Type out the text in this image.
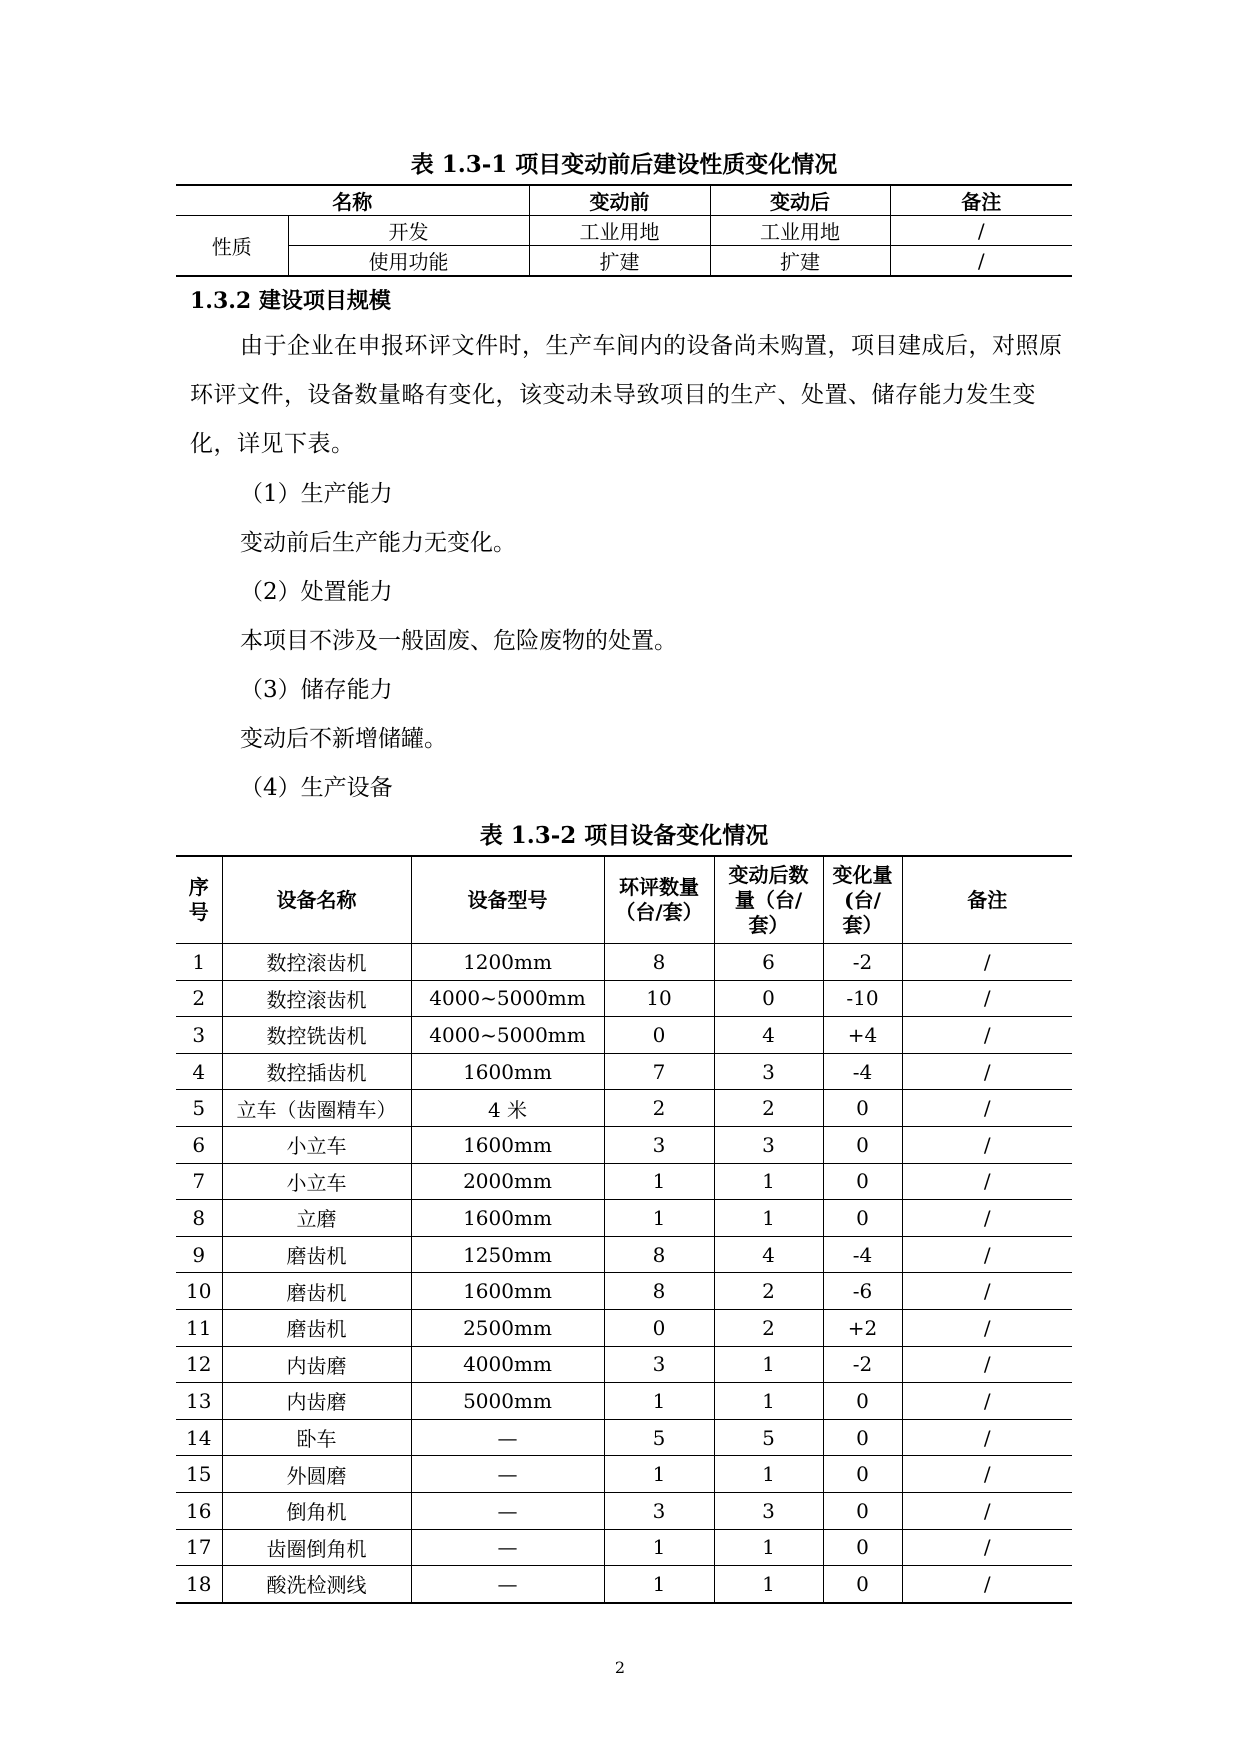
表 1.3-1 项目变动前后建设性质变化情况
名称		变动前	变动后	备注
性质	开发	工业用地	工业用地	/
	使用功能	扩建	扩建	/
1.3.2 建设项目规模
由于企业在申报环评文件时，生产车间内的设备尚未购置，项目建成后，对照原环评文件，设备数量略有变化，该变动未导致项目的生产、处置、储存能力发生变化，详见下表。
（1）生产能力
变动前后生产能力无变化。
（2）处置能力
本项目不涉及一般固废、危险废物的处置。
（3）储存能力
变动后不新增储罐。
（4）生产设备
表 1.3-2 项目设备变化情况
序号	设备名称	设备型号	环评数量（台/套）	变动后数量（台/套）	变化量(台/套）	备注
1	数控滚齿机	1200mm	8	6	-2	/
2	数控滚齿机	4000~5000mm	10	0	-10	/
3	数控铣齿机	4000~5000mm	0	4	+4	/
4	数控插齿机	1600mm	7	3	-4	/
5	立车（齿圈精车）	4 米	2	2	0	/
6	小立车	1600mm	3	3	0	/
7	小立车	2000mm	1	1	0	/
8	立磨	1600mm	1	1	0	/
9	磨齿机	1250mm	8	4	-4	/
10	磨齿机	1600mm	8	2	-6	/
11	磨齿机	2500mm	0	2	+2	/
12	内齿磨	4000mm	3	1	-2	/
13	内齿磨	5000mm	1	1	0	/
14	卧车	—	5	5	0	/
15	外圆磨	—	1	1	0	/
16	倒角机	—	3	3	0	/
17	齿圈倒角机	—	1	1	0	/
18	酸洗检测线	—	1	1	0	/
2
